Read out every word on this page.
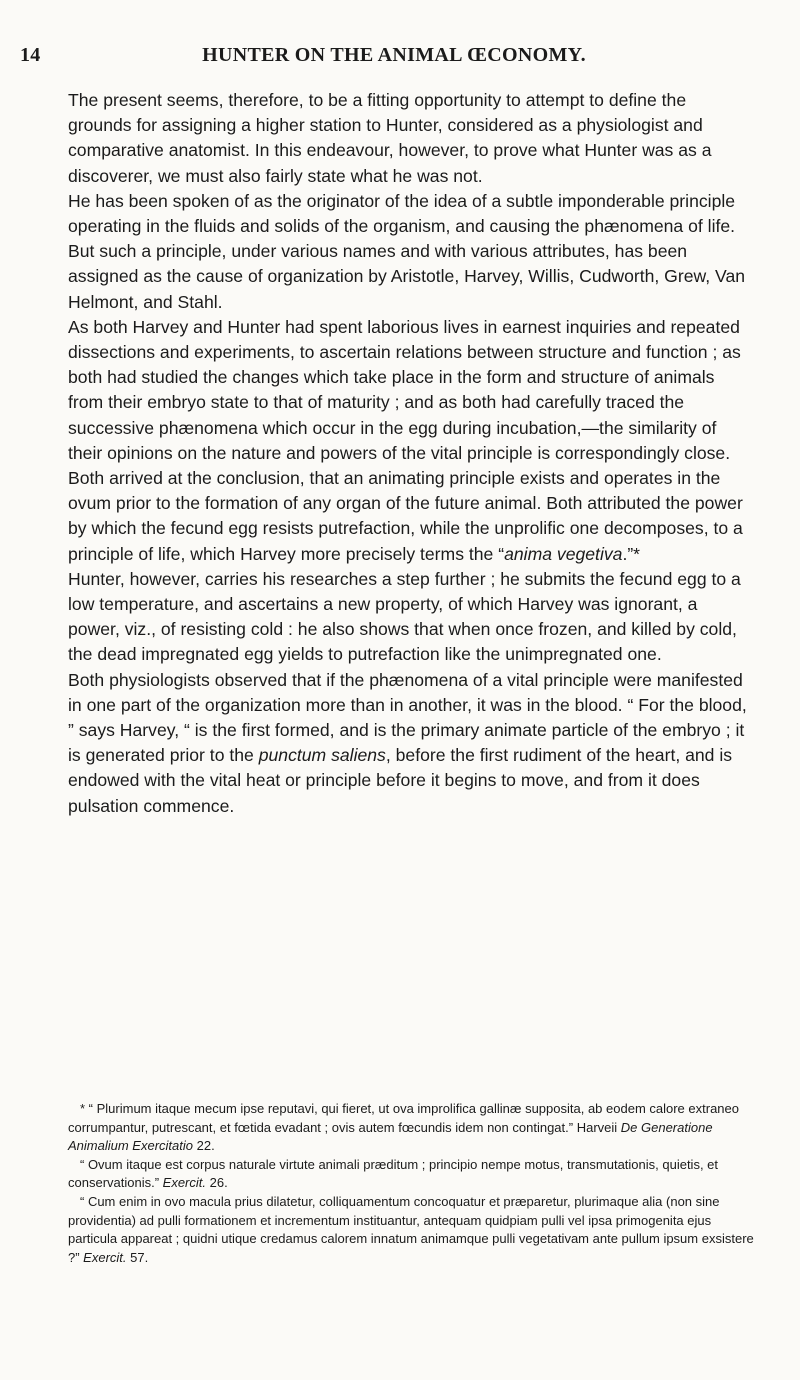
14	HUNTER ON THE ANIMAL ŒCONOMY.

The present seems, therefore, to be a fitting opportunity to attempt to define the grounds for assigning a higher station to Hunter, considered as a physiologist and comparative anatomist. In this endeavour, however, to prove what Hunter was as a discoverer, we must also fairly state what he was not.

He has been spoken of as the originator of the idea of a subtle imponderable principle operating in the fluids and solids of the organism, and causing the phænomena of life. But such a principle, under various names and with various attributes, has been assigned as the cause of organization by Aristotle, Harvey, Willis, Cudworth, Grew, Van Helmont, and Stahl.

As both Harvey and Hunter had spent laborious lives in earnest inquiries and repeated dissections and experiments, to ascertain relations between structure and function ; as both had studied the changes which take place in the form and structure of animals from their embryo state to that of maturity ; and as both had carefully traced the successive phænomena which occur in the egg during incubation,—the similarity of their opinions on the nature and powers of the vital principle is correspondingly close.

Both arrived at the conclusion, that an animating principle exists and operates in the ovum prior to the formation of any organ of the future animal. Both attributed the power by which the fecund egg resists putrefaction, while the unprolific one decomposes, to a principle of life, which Harvey more precisely terms the “anima vegetiva.”*

Hunter, however, carries his researches a step further ; he submits the fecund egg to a low temperature, and ascertains a new property, of which Harvey was ignorant, a power, viz., of resisting cold : he also shows that when once frozen, and killed by cold, the dead impregnated egg yields to putrefaction like the unimpregnated one.

Both physiologists observed that if the phænomena of a vital principle were manifested in one part of the organization more than in another, it was in the blood. “ For the blood, ” says Harvey, “ is the first formed, and is the primary animate particle of the embryo ; it is generated prior to the punctum saliens, before the first rudiment of the heart, and is endowed with the vital heat or principle before it begins to move, and from it does pulsation commence.

* “ Plurimum itaque mecum ipse reputavi, qui fieret, ut ova improlifica gallinæ supposita, ab eodem calore extraneo corrumpantur, putrescant, et fœtida evadant ; ovis autem fœcundis idem non contingat.” Harveii De Generatione Animalium Exercitatio 22.

“ Ovum itaque est corpus naturale virtute animali præditum ; principio nempe motus, transmutationis, quietis, et conservationis.” Exercit. 26.

“ Cum enim in ovo macula prius dilatetur, colliquamentum concoquatur et præparetur, plurimaque alia (non sine providentia) ad pulli formationem et incrementum instituantur, antequam quidpiam pulli vel ipsa primogenita ejus particula appareat ; quidni utique credamus calorem innatum animamque pulli vegetativam ante pullum ipsum exsistere ?” Exercit. 57.
